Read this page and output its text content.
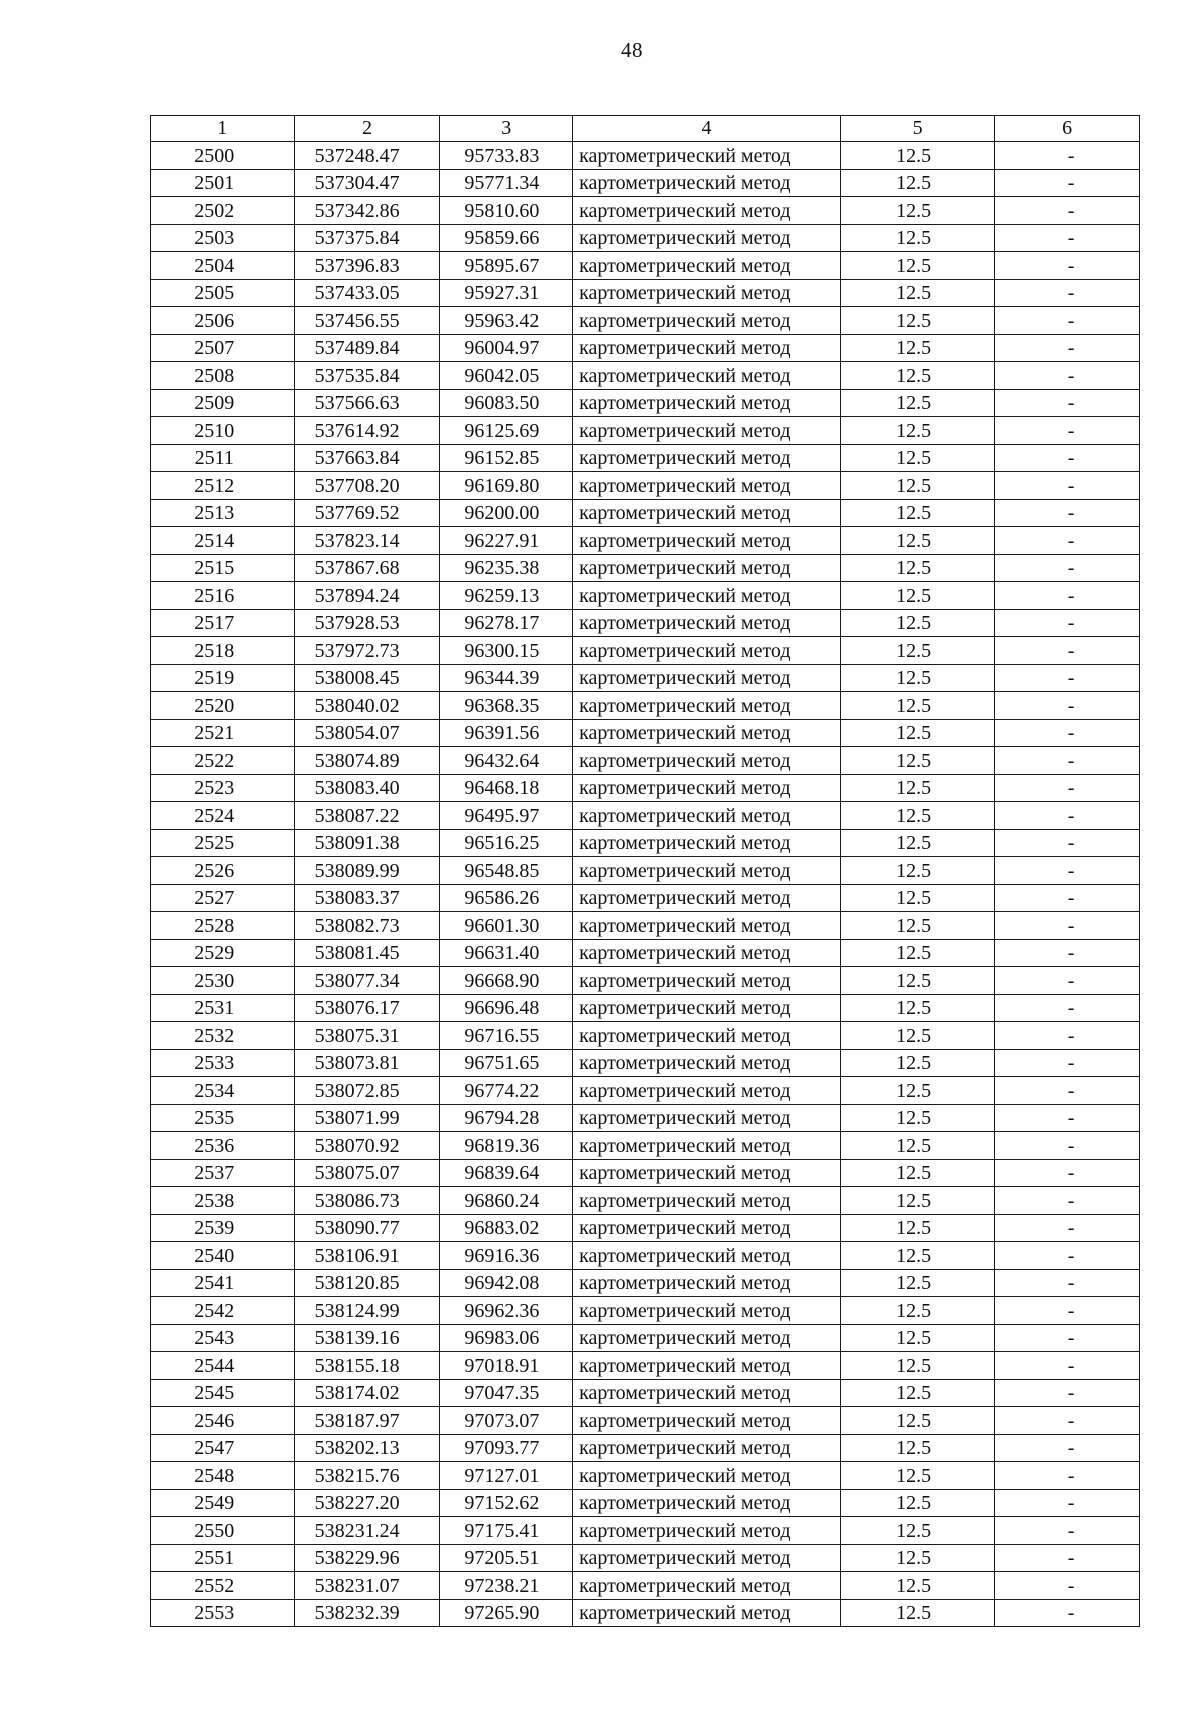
48
1	2	3	4	5	6
2500	537248.47	95733.83	картометрический метод	12.5	-
2501	537304.47	95771.34	картометрический метод	12.5	-
2502	537342.86	95810.60	картометрический метод	12.5	-
2503	537375.84	95859.66	картометрический метод	12.5	-
2504	537396.83	95895.67	картометрический метод	12.5	-
2505	537433.05	95927.31	картометрический метод	12.5	-
2506	537456.55	95963.42	картометрический метод	12.5	-
2507	537489.84	96004.97	картометрический метод	12.5	-
2508	537535.84	96042.05	картометрический метод	12.5	-
2509	537566.63	96083.50	картометрический метод	12.5	-
2510	537614.92	96125.69	картометрический метод	12.5	-
2511	537663.84	96152.85	картометрический метод	12.5	-
2512	537708.20	96169.80	картометрический метод	12.5	-
2513	537769.52	96200.00	картометрический метод	12.5	-
2514	537823.14	96227.91	картометрический метод	12.5	-
2515	537867.68	96235.38	картометрический метод	12.5	-
2516	537894.24	96259.13	картометрический метод	12.5	-
2517	537928.53	96278.17	картометрический метод	12.5	-
2518	537972.73	96300.15	картометрический метод	12.5	-
2519	538008.45	96344.39	картометрический метод	12.5	-
2520	538040.02	96368.35	картометрический метод	12.5	-
2521	538054.07	96391.56	картометрический метод	12.5	-
2522	538074.89	96432.64	картометрический метод	12.5	-
2523	538083.40	96468.18	картометрический метод	12.5	-
2524	538087.22	96495.97	картометрический метод	12.5	-
2525	538091.38	96516.25	картометрический метод	12.5	-
2526	538089.99	96548.85	картометрический метод	12.5	-
2527	538083.37	96586.26	картометрический метод	12.5	-
2528	538082.73	96601.30	картометрический метод	12.5	-
2529	538081.45	96631.40	картометрический метод	12.5	-
2530	538077.34	96668.90	картометрический метод	12.5	-
2531	538076.17	96696.48	картометрический метод	12.5	-
2532	538075.31	96716.55	картометрический метод	12.5	-
2533	538073.81	96751.65	картометрический метод	12.5	-
2534	538072.85	96774.22	картометрический метод	12.5	-
2535	538071.99	96794.28	картометрический метод	12.5	-
2536	538070.92	96819.36	картометрический метод	12.5	-
2537	538075.07	96839.64	картометрический метод	12.5	-
2538	538086.73	96860.24	картометрический метод	12.5	-
2539	538090.77	96883.02	картометрический метод	12.5	-
2540	538106.91	96916.36	картометрический метод	12.5	-
2541	538120.85	96942.08	картометрический метод	12.5	-
2542	538124.99	96962.36	картометрический метод	12.5	-
2543	538139.16	96983.06	картометрический метод	12.5	-
2544	538155.18	97018.91	картометрический метод	12.5	-
2545	538174.02	97047.35	картометрический метод	12.5	-
2546	538187.97	97073.07	картометрический метод	12.5	-
2547	538202.13	97093.77	картометрический метод	12.5	-
2548	538215.76	97127.01	картометрический метод	12.5	-
2549	538227.20	97152.62	картометрический метод	12.5	-
2550	538231.24	97175.41	картометрический метод	12.5	-
2551	538229.96	97205.51	картометрический метод	12.5	-
2552	538231.07	97238.21	картометрический метод	12.5	-
2553	538232.39	97265.90	картометрический метод	12.5	-
